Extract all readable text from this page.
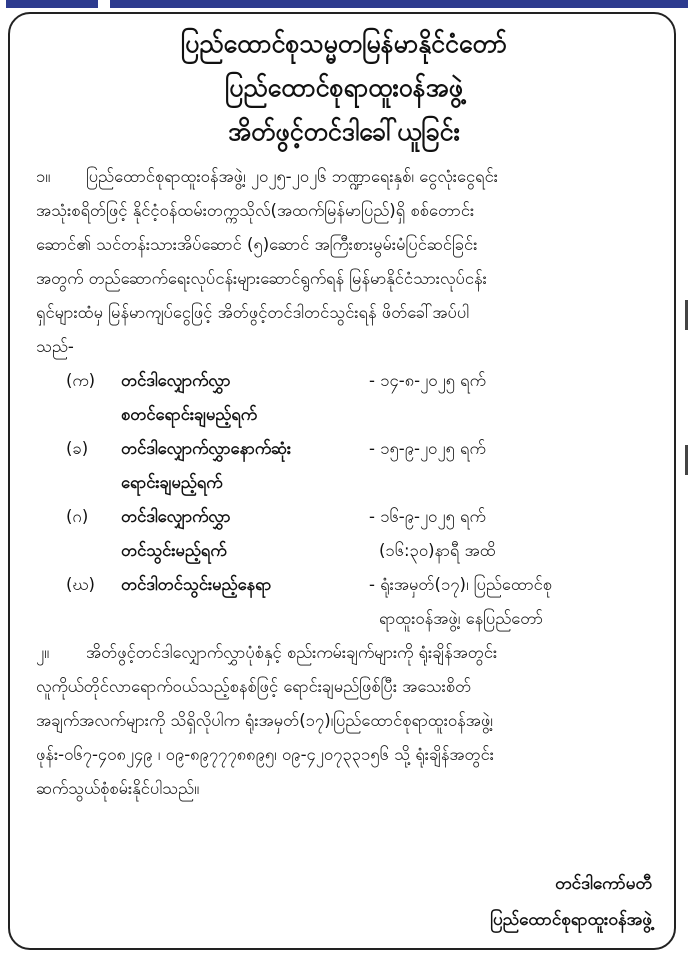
ပြည်ထောင်စုသမ္မတမြန်မာနိုင်ငံတော်
ပြည်ထောင်စုရာထူးဝန်အဖွဲ့
အိတ်ဖွင့်တင်ဒါခေါ်ယူခြင်း
၁။ ပြည်ထောင်စုရာထူးဝန်အဖွဲ့၊ ၂၀၂၅-၂၀၂၆ ဘဏ္ဍာရေးနှစ်၊ ငွေလုံးငွေရင်း
အသုံးစရိတ်ဖြင့် နိုင်ငံ့ဝန်ထမ်းတက္ကသိုလ်(အထက်မြန်မာပြည်)ရှိ စစ်တောင်း
ဆောင်၏ သင်တန်းသားအိပ်ဆောင် (၅)ဆောင် အကြီးစားမွမ်းမံပြင်ဆင်ခြင်း
အတွက် တည်ဆောက်ရေးလုပ်ငန်းများဆောင်ရွက်ရန် မြန်မာနိုင်ငံသားလုပ်ငန်း
ရှင်များထံမှ မြန်မာကျပ်ငွေဖြင့် အိတ်ဖွင့်တင်ဒါတင်သွင်းရန် ဖိတ်ခေါ်အပ်ပါ
သည်-
(က)	တင်ဒါလျှောက်လွှာ
စတင်ရောင်းချမည့်ရက်
- ၁၄-၈-၂၀၂၅ ရက်
(ခ)	တင်ဒါလျှောက်လွှာနောက်ဆုံး
ရောင်းချမည့်ရက်
- ၁၅-၉-၂၀၂၅ ရက်
(ဂ)	တင်ဒါလျှောက်လွှာ
တင်သွင်းမည့်ရက်
- ၁၆-၉-၂၀၂၅ ရက်
(၁၆:၃၀)နာရီ အထိ
(ဃ)	တင်ဒါတင်သွင်းမည့်နေရာ	- ရုံးအမှတ်(၁၇)၊ ပြည်ထောင်စု
ရာထူးဝန်အဖွဲ့၊ နေပြည်တော်
၂။ အိတ်ဖွင့်တင်ဒါလျှောက်လွှာပုံစံနှင့် စည်းကမ်းချက်များကို ရုံးချိန်အတွင်း
လူကိုယ်တိုင်လာရောက်ဝယ်သည့်စနစ်ဖြင့် ရောင်းချမည်ဖြစ်ပြီး အသေးစိတ်
အချက်အလက်များကို သိရှိလိုပါက ရုံးအမှတ်(၁၇)၊ပြည်ထောင်စုရာထူးဝန်အဖွဲ့၊
ဖုန်း-၀၆၇-၄၀၈၂၄၉ ၊ ၀၉-၈၉၇၇၇၈၈၉၅၊ ၀၉-၄၂၀၇၃၃၁၅၆ သို့ ရုံးချိန်အတွင်း
ဆက်သွယ်စုံစမ်းနိုင်ပါသည်။
တင်ဒါကော်မတီ
ပြည်ထောင်စုရာထူးဝန်အဖွဲ့
